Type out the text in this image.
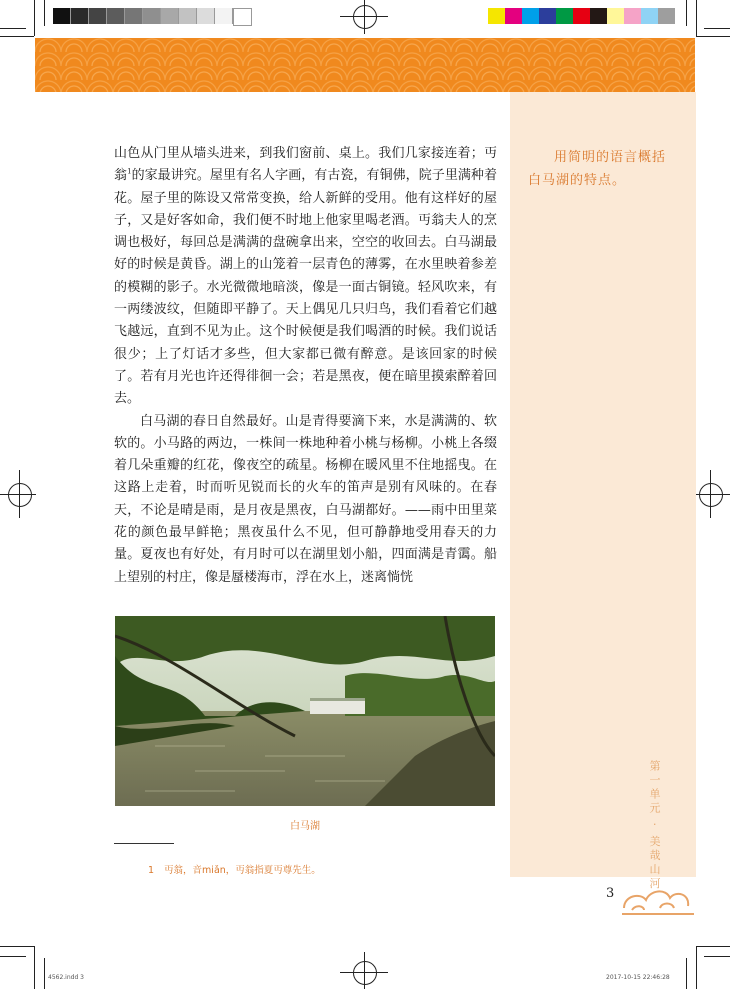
用简明的语言概括白马湖的特点。
第一单元 · 美哉山河

山色从门里从墙头进来，到我们窗前、桌上。我们几家接连着；丏翁$^1$的家最讲究。屋里有名人字画，有古瓷，有铜佛，院子里满种着花。屋子里的陈设又常常变换，给人新鲜的受用。他有这样好的屋子，又是好客如命，我们便不时地上他家里喝老酒。丏翁夫人的烹调也极好，每回总是满满的盘碗拿出来，空空的收回去。白马湖最好的时候是黄昏。湖上的山笼着一层青色的薄雾，在水里映着参差的模糊的影子。水光微微地暗淡，像是一面古铜镜。轻风吹来，有一两缕波纹，但随即平静了。天上偶见几只归鸟，我们看着它们越飞越远，直到不见为止。这个时候便是我们喝酒的时候。我们说话很少；上了灯话才多些，但大家都已微有醉意。是该回家的时候了。若有月光也许还得徘徊一会；若是黑夜，便在暗里摸索醉着回去。

白马湖的春日自然最好。山是青得要滴下来，水是满满的、软软的。小马路的两边，一株间一株地种着小桃与杨柳。小桃上各缀着几朵重瓣的红花，像夜空的疏星。杨柳在暖风里不住地摇曳。在这路上走着，时而听见锐而长的火车的笛声是别有风味的。在春天，不论是晴是雨，是月夜是黑夜，白马湖都好。——雨中田里菜花的颜色最早鲜艳；黑夜虽什么不见，但可静静地受用春天的力量。夏夜也有好处，有月时可以在湖里划小船，四面满是青霭。船上望别的村庄，像是蜃楼海市，浮在水上，迷离惝恍

白马湖
1 丏翁，音miǎn，丏翁指夏丏尊先生。
3
4562.indd 3	2017-10-15 22:46:28
